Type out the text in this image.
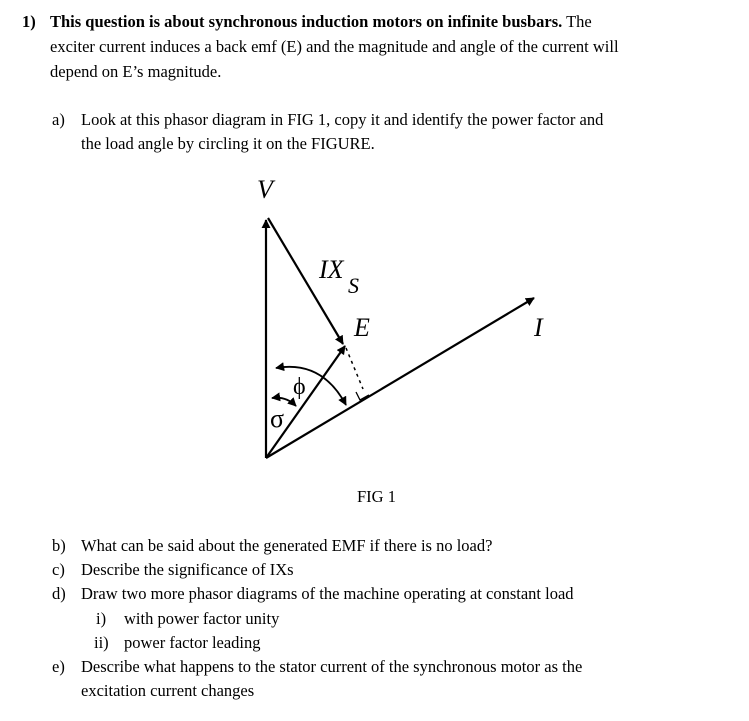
1) This question is about synchronous induction motors on infinite busbars. The
exciter current induces a back emf (E) and the magnitude and angle of the current will
depend on E’s magnitude.
a) Look at this phasor diagram in FIG 1, copy it and identify the power factor and
the load angle by circling it on the FIGURE.
V
IX
S
E	I
ϕ
σ
FIG 1
b) What can be said about the generated EMF if there is no load?
c) Describe the significance of IXs
d) Draw two more phasor diagrams of the machine operating at constant load
i) with power factor unity
ii) power factor leading
e) Describe what happens to the stator current of the synchronous motor as the
excitation current changes
